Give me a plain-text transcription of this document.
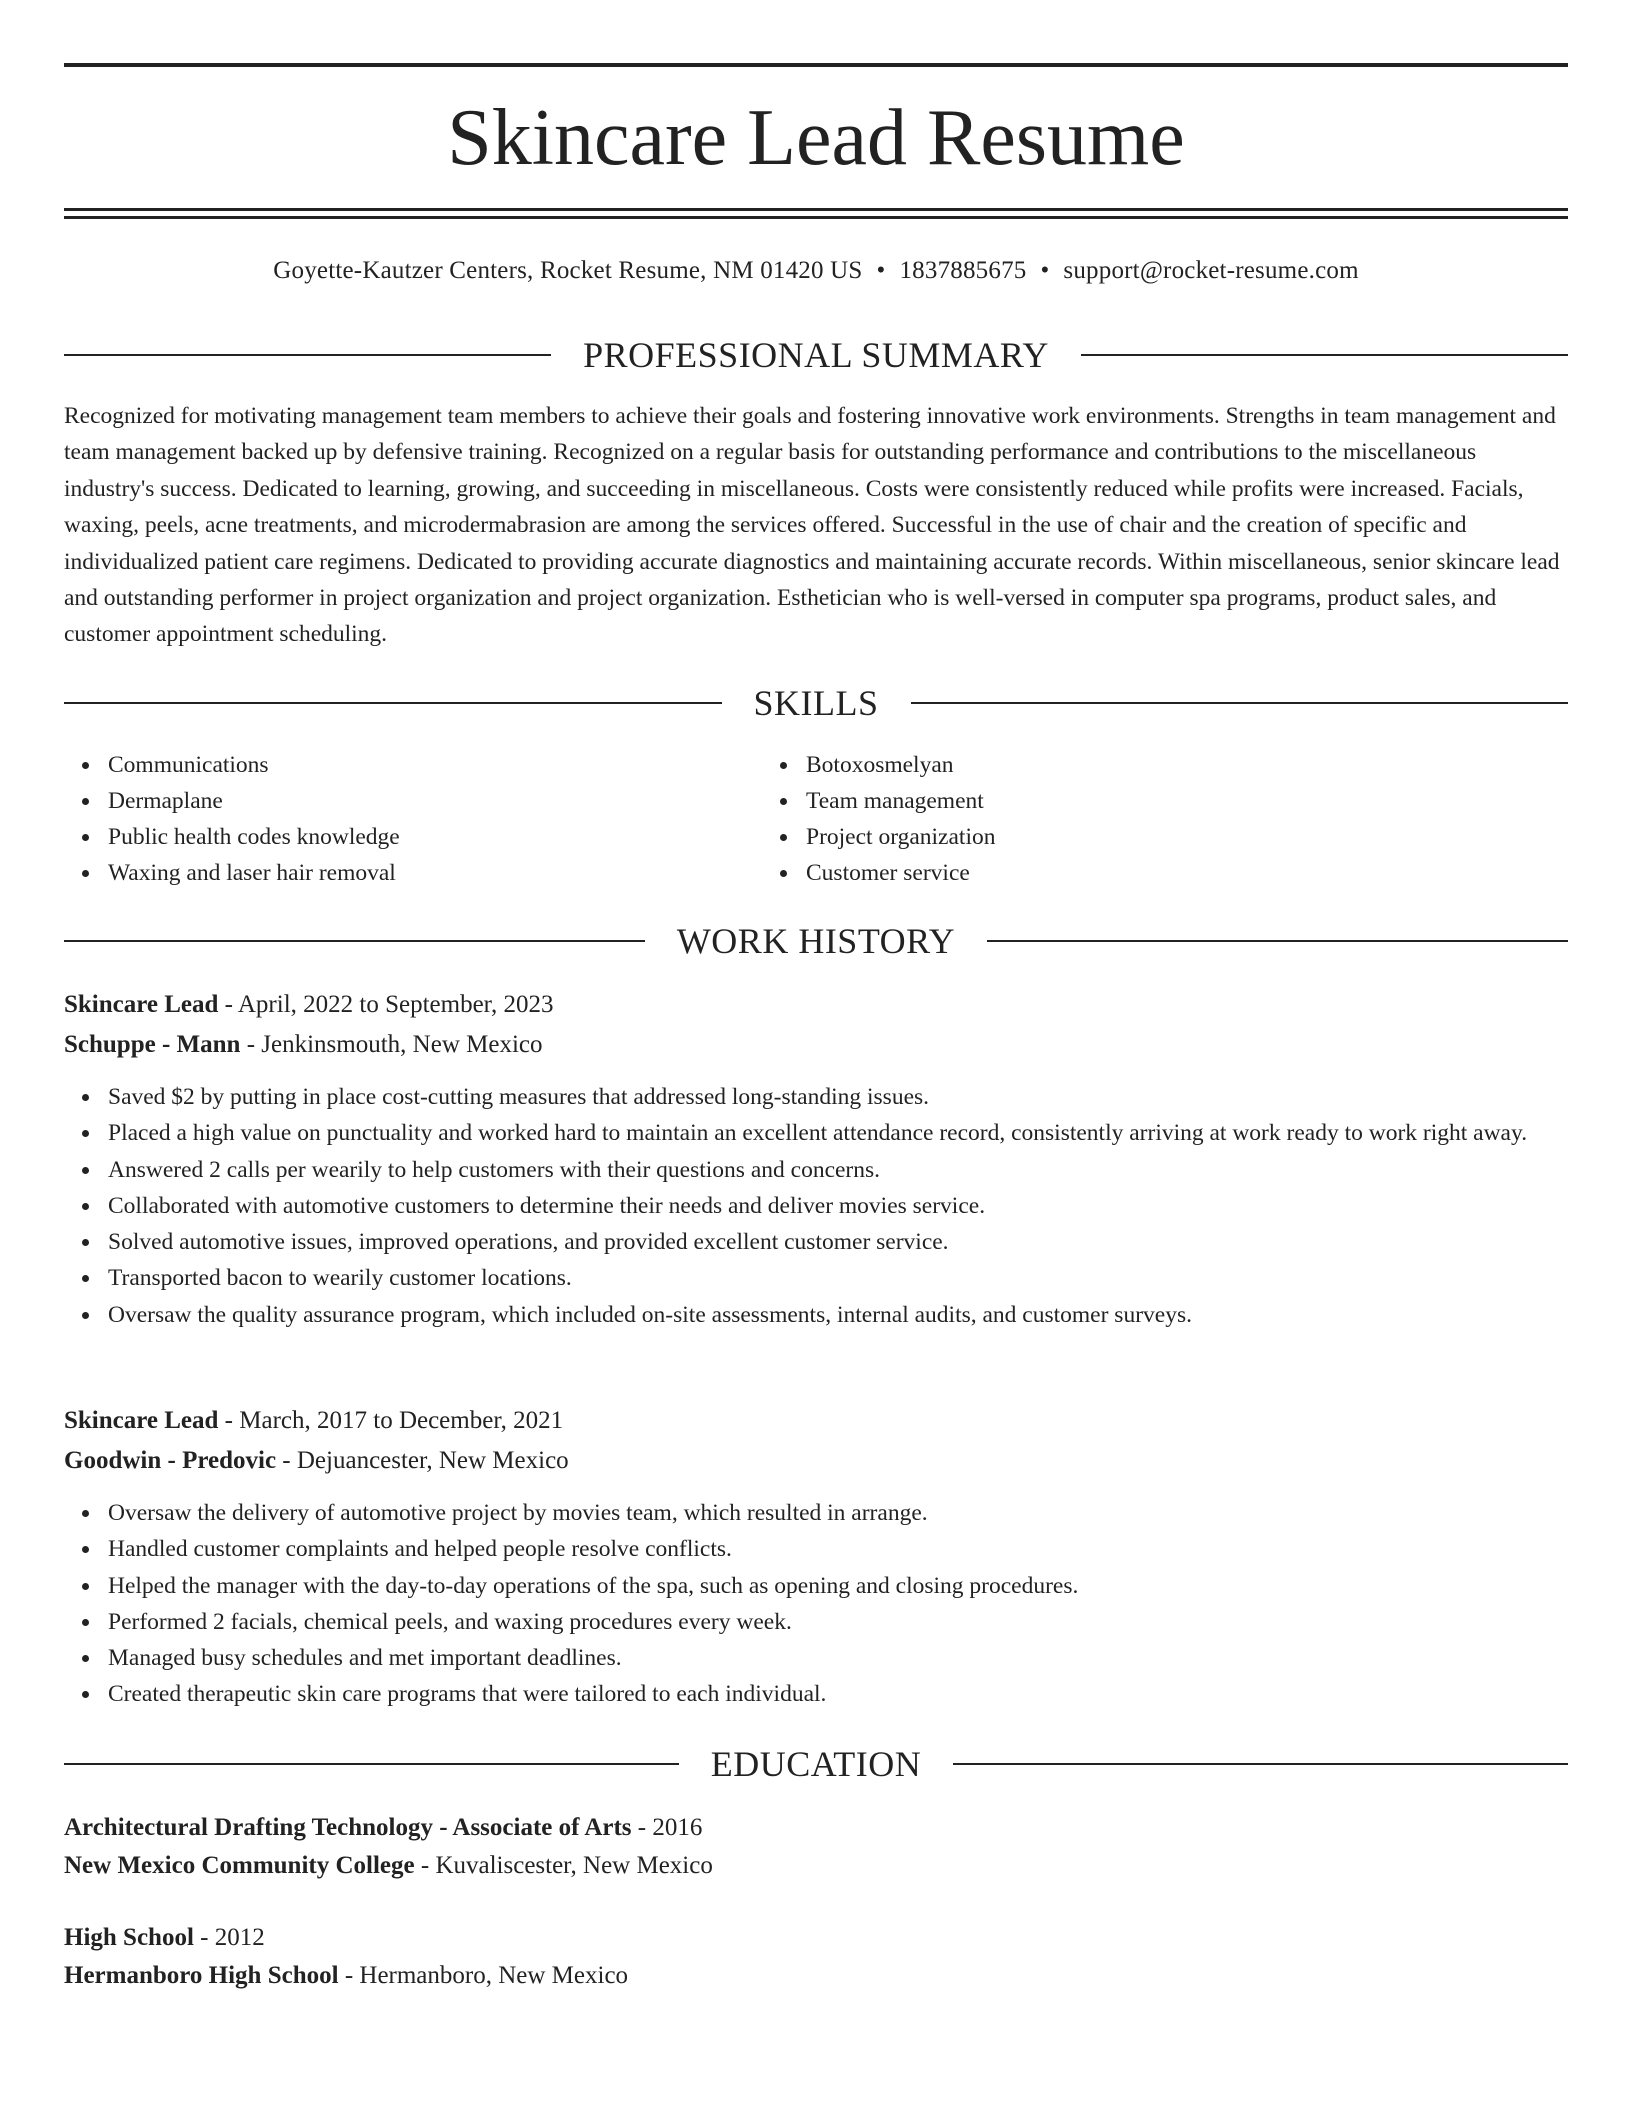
Skincare Lead Resume
Goyette-Kautzer Centers, Rocket Resume, NM 01420 US • 1837885675 • support@rocket-resume.com
PROFESSIONAL SUMMARY

Recognized for motivating management team members to achieve their goals and fostering innovative work environments. Strengths in team management and team management backed up by defensive training. Recognized on a regular basis for outstanding performance and contributions to the miscellaneous industry's success. Dedicated to learning, growing, and succeeding in miscellaneous. Costs were consistently reduced while profits were increased. Facials, waxing, peels, acne treatments, and microdermabrasion are among the services offered. Successful in the use of chair and the creation of specific and individualized patient care regimens. Dedicated to providing accurate diagnostics and maintaining accurate records. Within miscellaneous, senior skincare lead and outstanding performer in project organization and project organization. Esthetician who is well-versed in computer spa programs, product sales, and customer appointment scheduling.

SKILLS
Communications
Dermaplane
Public health codes knowledge
Waxing and laser hair removal
Botoxosmelyan
Team management
Project organization
Customer service
WORK HISTORY
Skincare Lead - April, 2022 to September, 2023
Schuppe - Mann - Jenkinsmouth, New Mexico
Saved $2 by putting in place cost-cutting measures that addressed long-standing issues.
Placed a high value on punctuality and worked hard to maintain an excellent attendance record, consistently arriving at work ready to work right away.
Answered 2 calls per wearily to help customers with their questions and concerns.
Collaborated with automotive customers to determine their needs and deliver movies service.
Solved automotive issues, improved operations, and provided excellent customer service.
Transported bacon to wearily customer locations.
Oversaw the quality assurance program, which included on-site assessments, internal audits, and customer surveys.
Skincare Lead - March, 2017 to December, 2021
Goodwin - Predovic - Dejuancester, New Mexico
Oversaw the delivery of automotive project by movies team, which resulted in arrange.
Handled customer complaints and helped people resolve conflicts.
Helped the manager with the day-to-day operations of the spa, such as opening and closing procedures.
Performed 2 facials, chemical peels, and waxing procedures every week.
Managed busy schedules and met important deadlines.
Created therapeutic skin care programs that were tailored to each individual.
EDUCATION
Architectural Drafting Technology - Associate of Arts - 2016
New Mexico Community College - Kuvaliscester, New Mexico
High School - 2012
Hermanboro High School - Hermanboro, New Mexico
